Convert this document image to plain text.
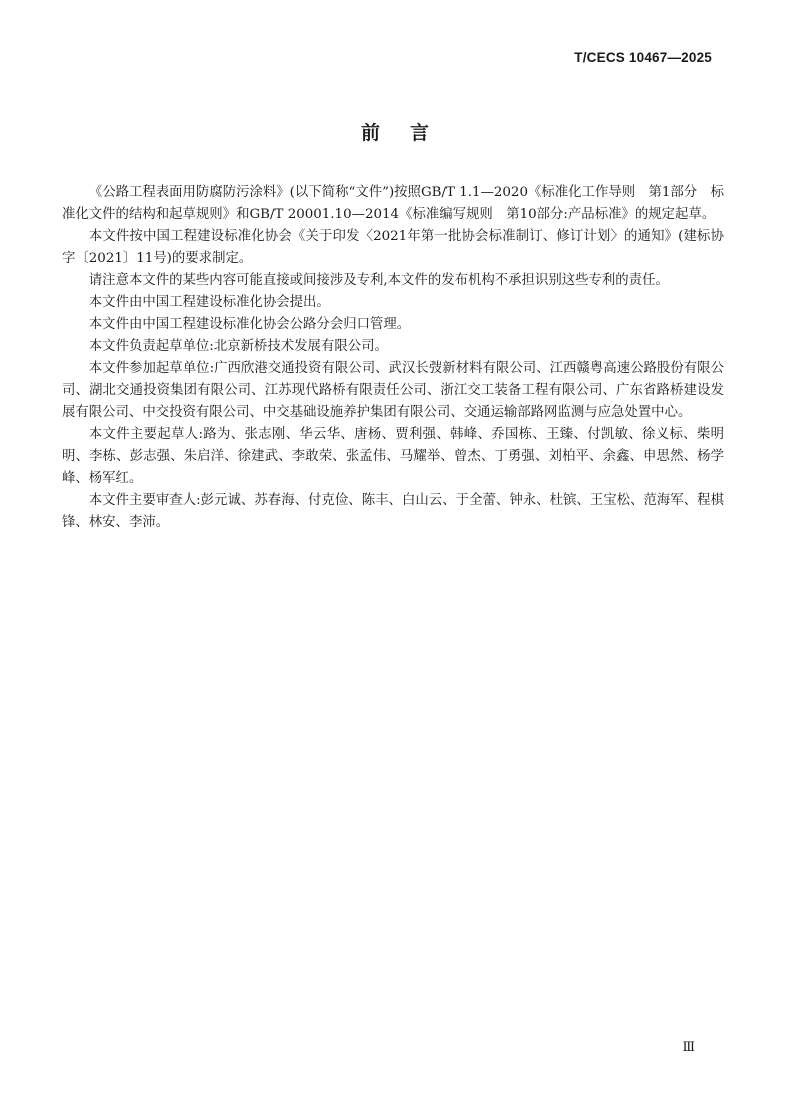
T/CECS 10467—2025
前言

《公路工程表面用防腐防污涂料》(以下简称“文件”)按照GB/T 1.1—2020《标准化工作导则　第1部分　标准化文件的结构和起草规则》和GB/T 20001.10—2014《标准编写规则　第10部分:产品标准》的规定起草。

本文件按中国工程建设标准化协会《关于印发〈2021年第一批协会标准制订、修订计划〉的通知》(建标协字〔2021〕11号)的要求制定。

请注意本文件的某些内容可能直接或间接涉及专利,本文件的发布机构不承担识别这些专利的责任。

本文件由中国工程建设标准化协会提出。

本文件由中国工程建设标准化协会公路分会归口管理。

本文件负责起草单位:北京新桥技术发展有限公司。

本文件参加起草单位:广西欣港交通投资有限公司、武汉长弢新材料有限公司、江西赣粤高速公路股份有限公司、湖北交通投资集团有限公司、江苏现代路桥有限责任公司、浙江交工装备工程有限公司、广东省路桥建设发展有限公司、中交投资有限公司、中交基础设施养护集团有限公司、交通运输部路网监测与应急处置中心。

本文件主要起草人:路为、张志刚、华云华、唐杨、贾利强、韩峰、乔国栋、王臻、付凯敏、徐义标、柴明明、李栋、彭志强、朱启洋、徐建武、李敢荣、张孟伟、马耀举、曾杰、丁勇强、刘柏平、余鑫、申思然、杨学峰、杨军红。

本文件主要审查人:彭元诚、苏春海、付克俭、陈丰、白山云、于全蕾、钟永、杜镔、王宝松、范海军、程棋锋、林安、李沛。

Ⅲ
